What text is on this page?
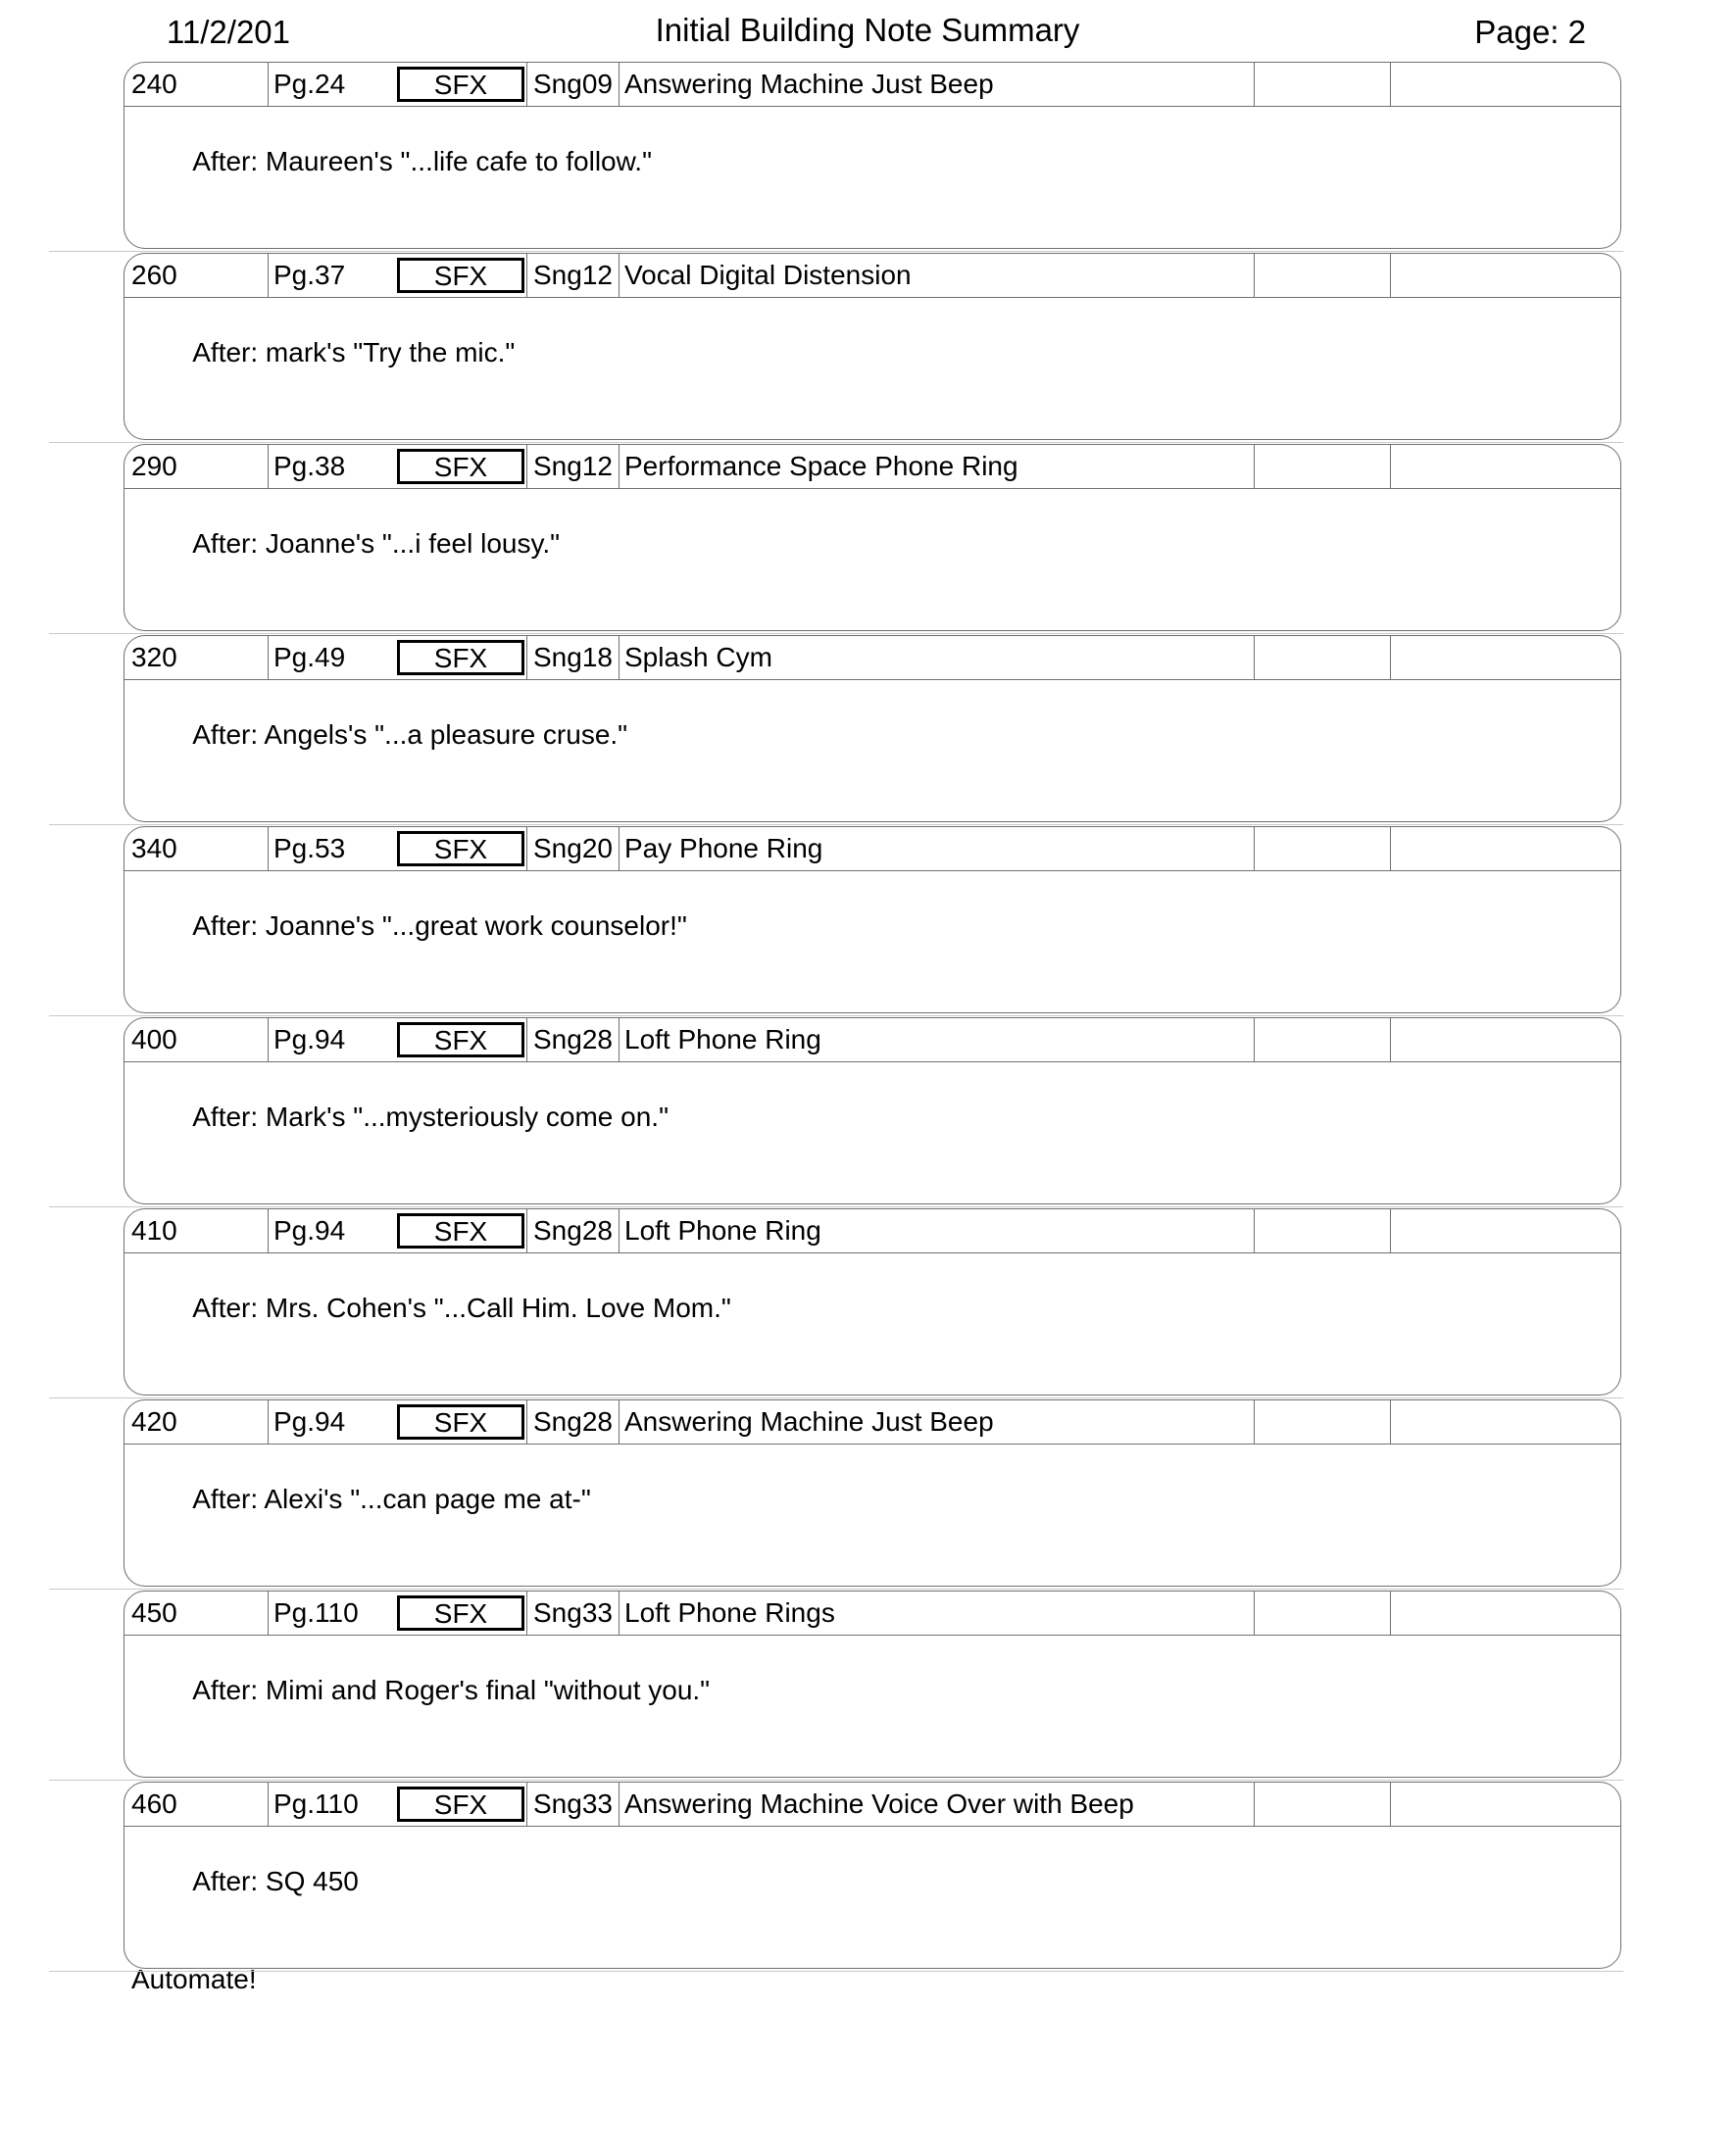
11/2/201	Initial Building Note Summary	Page: 2
240	Pg.24	SFX	Sng09 Answering Machine Just Beep

After: Maureen's "...life cafe to follow."

260	Pg.37	SFX	Sng12 Vocal Digital Distension

After: mark's "Try the mic."

290	Pg.38	SFX	Sng12 Performance Space Phone Ring

After: Joanne's "...i feel lousy."

320	Pg.49	SFX	Sng18 Splash Cym

After: Angels's "...a pleasure cruse."

340	Pg.53	SFX	Sng20 Pay Phone Ring

After: Joanne's "...great work counselor!"

400	Pg.94	SFX	Sng28 Loft Phone Ring

After: Mark's "...mysteriously come on."

410	Pg.94	SFX	Sng28 Loft Phone Ring

After: Mrs. Cohen's "...Call Him. Love Mom."

420	Pg.94	SFX	Sng28 Answering Machine Just Beep

After: Alexi's "...can page me at-"

450	Pg.110	SFX	Sng33 Loft Phone Rings

After: Mimi and Roger's final "without you."

460	Pg.110	SFX	Sng33 Answering Machine Voice Over with Beep

After: SQ 450

Automate!
